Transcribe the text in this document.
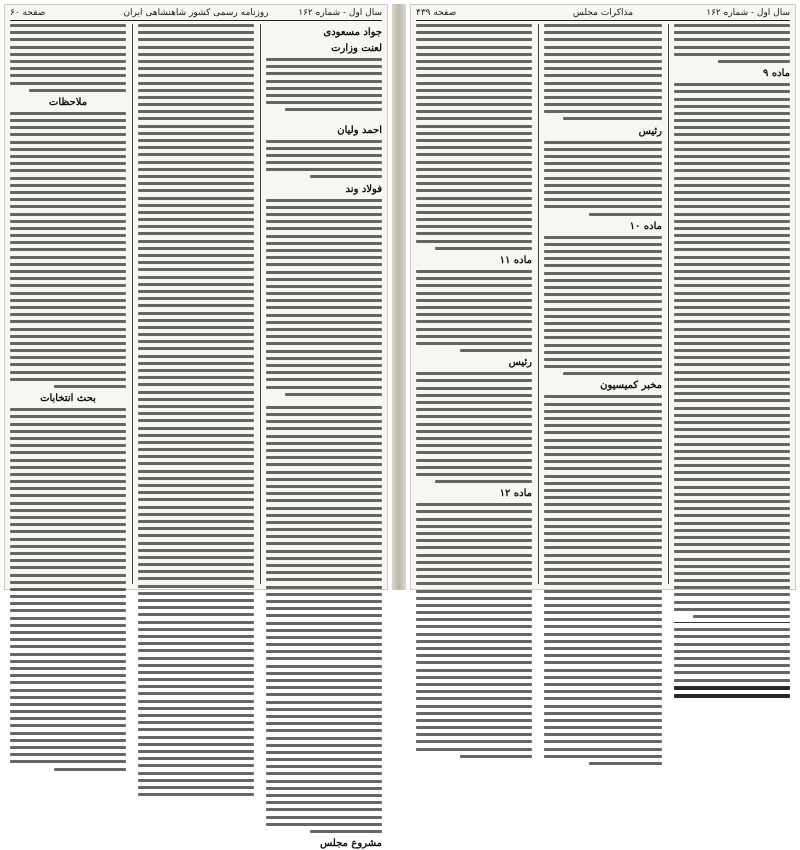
سال اول - شماره ۱۶۲
روزنامه رسمی کشور شاهنشاهی ایران
صفحه ۶۰
جواد مسعودی
لعنت وزارت
احمد ولیان
فولاد وند
مشروع مجلس
ملاحظات
بحث انتخابات
سال اول - شماره ۱۶۲
مذاکرات مجلس
صفحه ۴۳۹
ماده ۹
رئیس
ماده ۱۰
مخبر کمیسیون
ماده ۱۱
رئیس
ماده ۱۲
